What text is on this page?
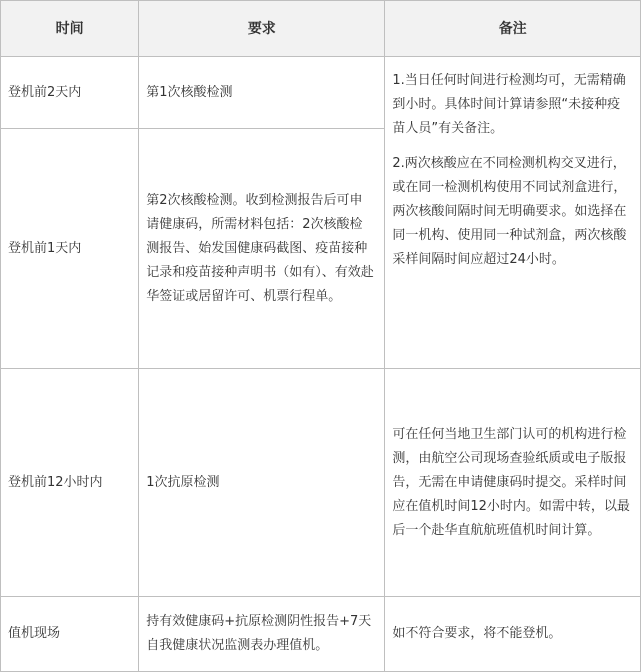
时间	要求	备注
登机前2天内	第1次核酸检测	1.当日任何时间进行检测均可，无需精确到小时。具体时间计算请参照“未接种疫苗人员”有关备注。

2.两次核酸应在不同检测机构交叉进行，或在同一检测机构使用不同试剂盒进行，两次核酸间隔时间无明确要求。如选择在同一机构、使用同一种试剂盒，两次核酸采样间隔时间应超过24小时。

登机前1天内	第2次核酸检测。收到检测报告后可申请健康码，所需材料包括：2次核酸检测报告、始发国健康码截图、疫苗接种记录和疫苗接种声明书（如有）、有效赴华签证或居留许可、机票行程单。	
登机前12小时内	1次抗原检测	可在任何当地卫生部门认可的机构进行检测，由航空公司现场查验纸质或电子版报告，无需在申请健康码时提交。采样时间应在值机时间12小时内。如需中转，以最后一个赴华直航航班值机时间计算。
值机现场	持有效健康码+抗原检测阴性报告+7天自我健康状况监测表办理值机。	如不符合要求，将不能登机。
